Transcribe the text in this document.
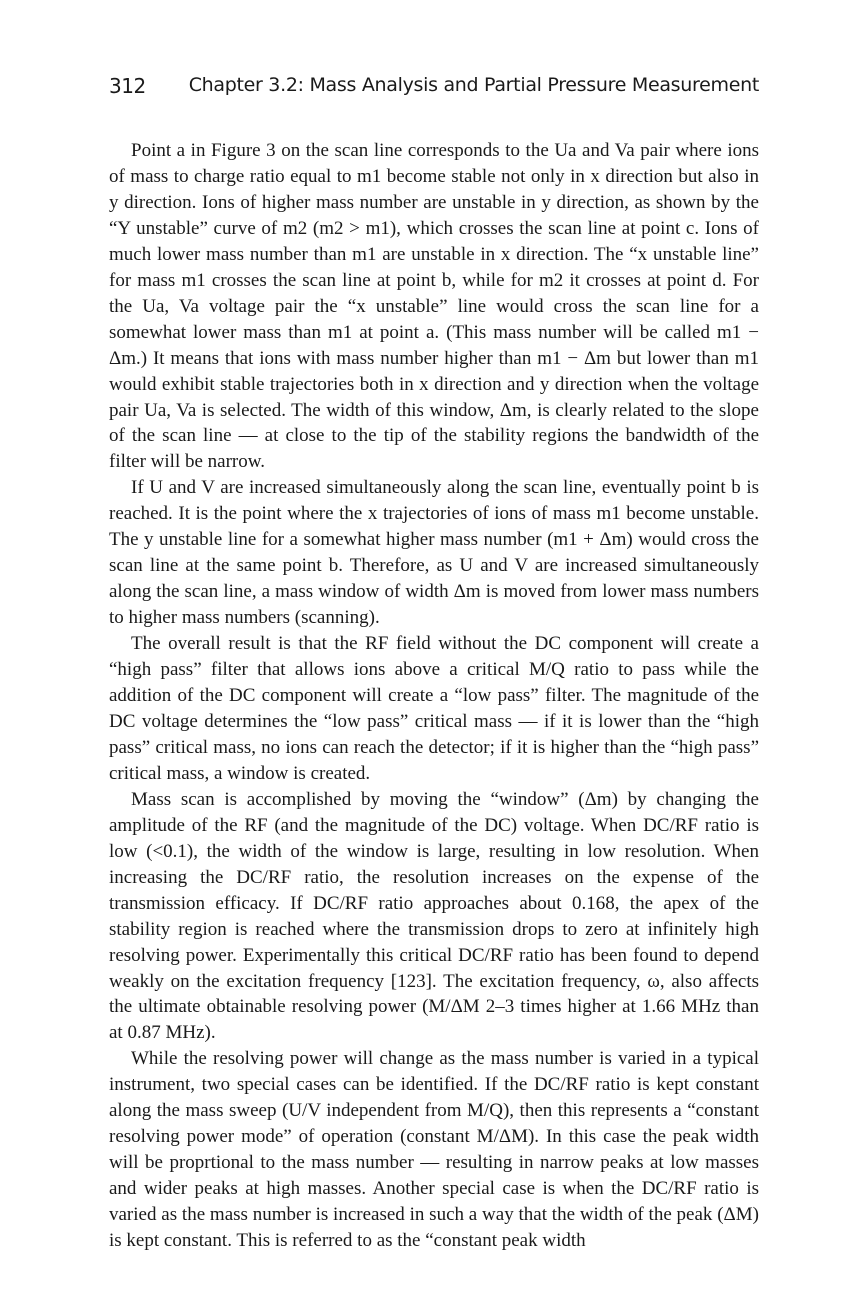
312 Chapter 3.2: Mass Analysis and Partial Pressure Measurement

Point a in Figure 3 on the scan line corresponds to the Ua and Va pair where ions of mass to charge ratio equal to m1 become stable not only in x direction but also in y direction. Ions of higher mass number are unstable in y direction, as shown by the “Y unstable” curve of m2 (m2 > m1), which crosses the scan line at point c. Ions of much lower mass number than m1 are unstable in x direction. The “x unstable line” for mass m1 crosses the scan line at point b, while for m2 it crosses at point d. For the Ua, Va voltage pair the “x unstable” line would cross the scan line for a somewhat lower mass than m1 at point a. (This mass number will be called m1 − Δm.) It means that ions with mass number higher than m1 − Δm but lower than m1 would exhibit stable trajectories both in x direction and y direction when the voltage pair Ua, Va is selected. The width of this window, Δm, is clearly related to the slope of the scan line — at close to the tip of the stability regions the bandwidth of the filter will be narrow.

If U and V are increased simultaneously along the scan line, eventually point b is reached. It is the point where the x trajectories of ions of mass m1 become unstable. The y unstable line for a somewhat higher mass number (m1 + Δm) would cross the scan line at the same point b. Therefore, as U and V are increased simultaneously along the scan line, a mass window of width Δm is moved from lower mass numbers to higher mass numbers (scanning).

The overall result is that the RF field without the DC component will create a “high pass” filter that allows ions above a critical M/Q ratio to pass while the addition of the DC component will create a “low pass” filter. The magnitude of the DC voltage determines the “low pass” critical mass — if it is lower than the “high pass” critical mass, no ions can reach the detector; if it is higher than the “high pass” critical mass, a window is created.

Mass scan is accomplished by moving the “window” (Δm) by changing the amplitude of the RF (and the magnitude of the DC) voltage. When DC/RF ratio is low (<0.1), the width of the window is large, resulting in low resolution. When increasing the DC/RF ratio, the resolution increases on the expense of the transmission efficacy. If DC/RF ratio approaches about 0.168, the apex of the stability region is reached where the transmission drops to zero at infinitely high resolving power. Experimentally this critical DC/RF ratio has been found to depend weakly on the excitation frequency [123]. The excitation frequency, ω, also affects the ultimate obtainable resolving power (M/ΔM 2–3 times higher at 1.66 MHz than at 0.87 MHz).

While the resolving power will change as the mass number is varied in a typical instrument, two special cases can be identified. If the DC/RF ratio is kept constant along the mass sweep (U/V independent from M/Q), then this represents a “constant resolving power mode” of operation (constant M/ΔM). In this case the peak width will be proprtional to the mass number — resulting in narrow peaks at low masses and wider peaks at high masses. Another special case is when the DC/RF ratio is varied as the mass number is increased in such a way that the width of the peak (ΔM) is kept constant. This is referred to as the “constant peak width
